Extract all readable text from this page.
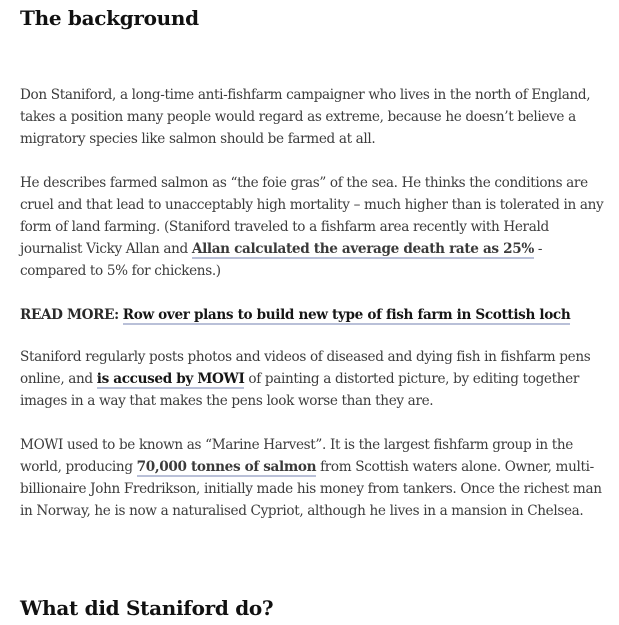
The background

Don Staniford, a long-time anti-fishfarm campaigner who lives in the north of England, takes a position many people would regard as extreme, because he doesn’t believe a migratory species like salmon should be farmed at all.

He describes farmed salmon as “the foie gras” of the sea. He thinks the conditions are cruel and that lead to unacceptably high mortality – much higher than is tolerated in any form of land farming. (Staniford traveled to a fishfarm area recently with Herald journalist Vicky Allan and Allan calculated the average death rate as 25% - compared to 5% for chickens.)

READ MORE: Row over plans to build new type of fish farm in Scottish loch

Staniford regularly posts photos and videos of diseased and dying fish in fishfarm pens online, and is accused by MOWI of painting a distorted picture, by editing together images in a way that makes the pens look worse than they are.

MOWI used to be known as “Marine Harvest”. It is the largest fishfarm group in the world, producing 70,000 tonnes of salmon from Scottish waters alone. Owner, multi-billionaire John Fredrikson, initially made his money from tankers. Once the richest man in Norway, he is now a naturalised Cypriot, although he lives in a mansion in Chelsea.

What did Staniford do?
